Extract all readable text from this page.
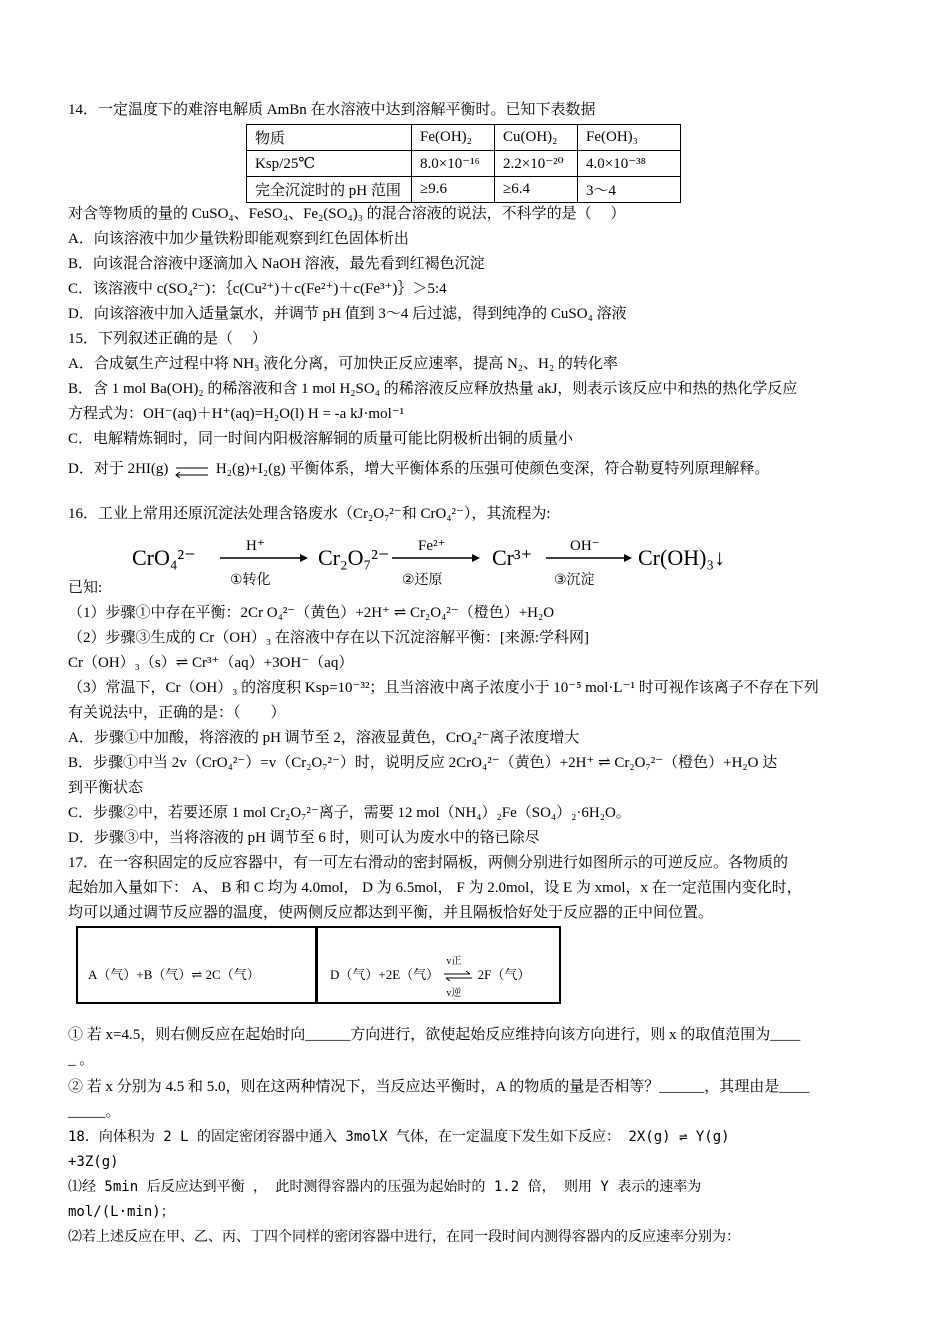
14．一定温度下的难溶电解质 AmBn 在水溶液中达到溶解平衡时。已知下表数据
物质	Fe(OH)₂	Cu(OH)₂	Fe(OH)₃
Ksp/25℃	8.0×10⁻¹⁶	2.2×10⁻²⁰	4.0×10⁻³⁸
完全沉淀时的 pH 范围	≥9.6	≥6.4	3～4
对含等物质的量的 CuSO₄、FeSO₄、Fe₂(SO₄)₃ 的混合溶液的说法，不科学的是（　 ）
A．向该溶液中加少量铁粉即能观察到红色固体析出
B．向该混合溶液中逐滴加入 NaOH 溶液，最先看到红褐色沉淀
C．该溶液中 c(SO₄²⁻)：｛c(Cu²⁺)＋c(Fe²⁺)＋c(Fe³⁺)｝＞5:4
D．向该溶液中加入适量氯水，并调节 pH 值到 3～4 后过滤，得到纯净的 CuSO₄ 溶液
15．下列叙述正确的是（　 ）
A．合成氨生产过程中将 NH₃ 液化分离，可加快正反应速率，提高 N₂、H₂ 的转化率
B．含 1 mol Ba(OH)₂ 的稀溶液和含 1 mol H₂SO₄ 的稀溶液反应释放热量 akJ，则表示该反应中和热的热化学反应
方程式为：OH⁻(aq)＋H⁺(aq)=H₂O(l) H = -a kJ·mol⁻¹
C．电解精炼铜时，同一时间内阳极溶解铜的质量可能比阴极析出铜的质量小
D．对于 2HI(g)	H₂(g)+I₂(g) 平衡体系，增大平衡体系的压强可使颜色变深，符合勒夏特列原理解释。
16．工业上常用还原沉淀法处理含铬废水（Cr₂O₇²⁻和 CrO₄²⁻），其流程为:
CrO₄²⁻	H⁺
①转化
Cr₂O₇²⁻ Fe²⁺
②还原
Cr³⁺	OH⁻
③沉淀
Cr(OH)₃↓
已知:
（1）步骤①中存在平衡：2Cr O₄²⁻（黄色）+2H⁺ ⇌ Cr₂O₄²⁻（橙色）+H₂O
（2）步骤③生成的 Cr（OH）₃ 在溶液中存在以下沉淀溶解平衡：[来源:学科网]
Cr（OH）₃（s）⇌ Cr³⁺（aq）+3OH⁻（aq）
（3）常温下，Cr（OH）₃ 的溶度积 Ksp=10⁻³²；且当溶液中离子浓度小于 10⁻⁵ mol·L⁻¹ 时可视作该离子不存在下列
有关说法中，正确的是：（　　）
A．步骤①中加酸，将溶液的 pH 调节至 2，溶液显黄色，CrO₄²⁻离子浓度增大
B．步骤①中当 2v（CrO₄²⁻）=v（Cr₂O₇²⁻）时，说明反应 2CrO₄²⁻（黄色）+2H⁺ ⇌ Cr₂O₇²⁻（橙色）+H₂O 达
到平衡状态
C．步骤②中，若要还原 1 mol Cr₂O₇²⁻离子，需要 12 mol（NH₄）₂Fe（SO₄）₂·6H₂O。
D．步骤③中，当将溶液的 pH 调节至 6 时，则可认为废水中的铬已除尽
17．在一容积固定的反应容器中，有一可左右滑动的密封隔板，两侧分别进行如图所示的可逆反应。各物质的
起始加入量如下： A、 B 和 C 均为 4.0mol， D 为 6.5mol， F 为 2.0mol，设 E 为 xmol，x 在一定范围内变化时，
均可以通过调节反应器的温度，使两侧反应都达到平衡，并且隔板恰好处于反应器的正中间位置。
A（气）+B（气）⇌ 2C（气）	D（气）+2E（气）
v正
v逆
2F（气）
① 若 x=4.5，则右侧反应在起始时向______方向进行，欲使起始反应维持向该方向进行，则 x 的取值范围为____
_ 。
② 若 x 分别为 4.5 和 5.0，则在这两种情况下，当反应达平衡时，A 的物质的量是否相等？______，其理由是____
_____。
18．向体积为 2 L 的固定密闭容器中通入 3molX 气体，在一定温度下发生如下反应： 2X(g) ⇌ Y(g)
+3Z(g)
⑴经 5min 后反应达到平衡 ， 此时测得容器内的压强为起始时的 1.2 倍， 则用 Y 表示的速率为
mol/(L·min)；
⑵若上述反应在甲、乙、丙、丁四个同样的密闭容器中进行，在同一段时间内测得容器内的反应速率分别为：
